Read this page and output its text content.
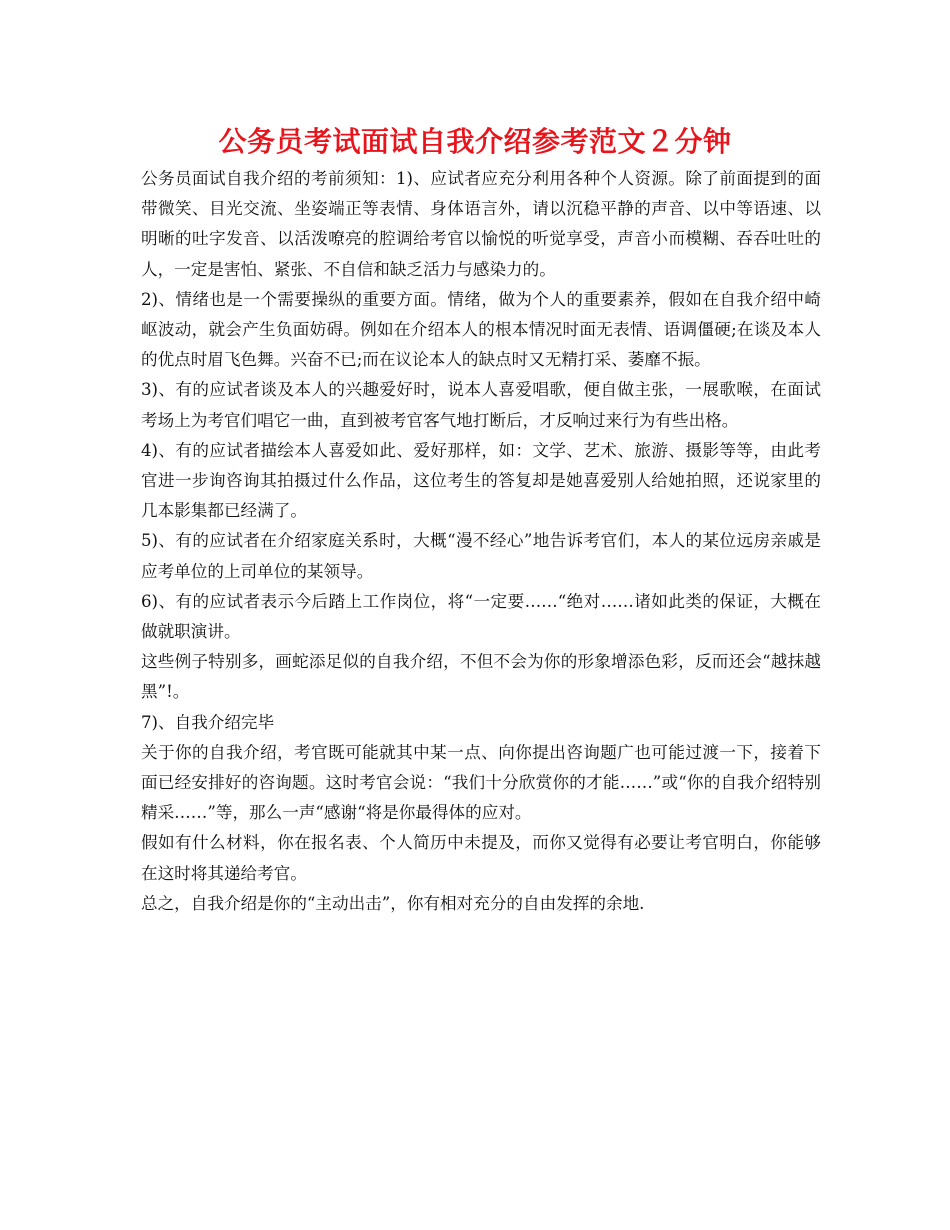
公务员考试面试自我介绍参考范文２分钟

公务员面试自我介绍的考前须知：1)、应试者应充分利用各种个人资源。除了前面提到的面带微笑、目光交流、坐姿端正等表情、身体语言外，请以沉稳平静的声音、以中等语速、以明晰的吐字发音、以活泼嘹亮的腔调给考官以愉悦的听觉享受，声音小而模糊、吞吞吐吐的人，一定是害怕、紧张、不自信和缺乏活力与感染力的。

2)、情绪也是一个需要操纵的重要方面。情绪，做为个人的重要素养，假如在自我介绍中崎岖波动，就会产生负面妨碍。例如在介绍本人的根本情况时面无表情、语调僵硬;在谈及本人的优点时眉飞色舞。兴奋不已;而在议论本人的缺点时又无精打采、萎靡不振。

3)、有的应试者谈及本人的兴趣爱好时，说本人喜爱唱歌，便自做主张，一展歌喉，在面试考场上为考官们唱它一曲，直到被考官客气地打断后，才反响过来行为有些出格。

4)、有的应试者描绘本人喜爱如此、爱好那样，如：文学、艺术、旅游、摄影等等，由此考官进一步询咨询其拍摄过什么作品，这位考生的答复却是她喜爱别人给她拍照，还说家里的几本影集都已经满了。

5)、有的应试者在介绍家庭关系时，大概“漫不经心”地告诉考官们，本人的某位远房亲戚是应考单位的上司单位的某领导。

6)、有的应试者表示今后踏上工作岗位，将“一定要……“绝对……诸如此类的保证，大概在做就职演讲。

这些例子特别多，画蛇添足似的自我介绍，不但不会为你的形象增添色彩，反而还会“越抹越黑”!。

7)、自我介绍完毕

关于你的自我介绍，考官既可能就其中某一点、向你提出咨询题广也可能过渡一下，接着下面已经安排好的咨询题。这时考官会说：“我们十分欣赏你的才能……”或“你的自我介绍特别精采……”等，那么一声“感谢“将是你最得体的应对。

假如有什么材料，你在报名表、个人简历中未提及，而你又觉得有必要让考官明白，你能够在这时将其递给考官。

总之，自我介绍是你的“主动出击”，你有相对充分的自由发挥的余地.
